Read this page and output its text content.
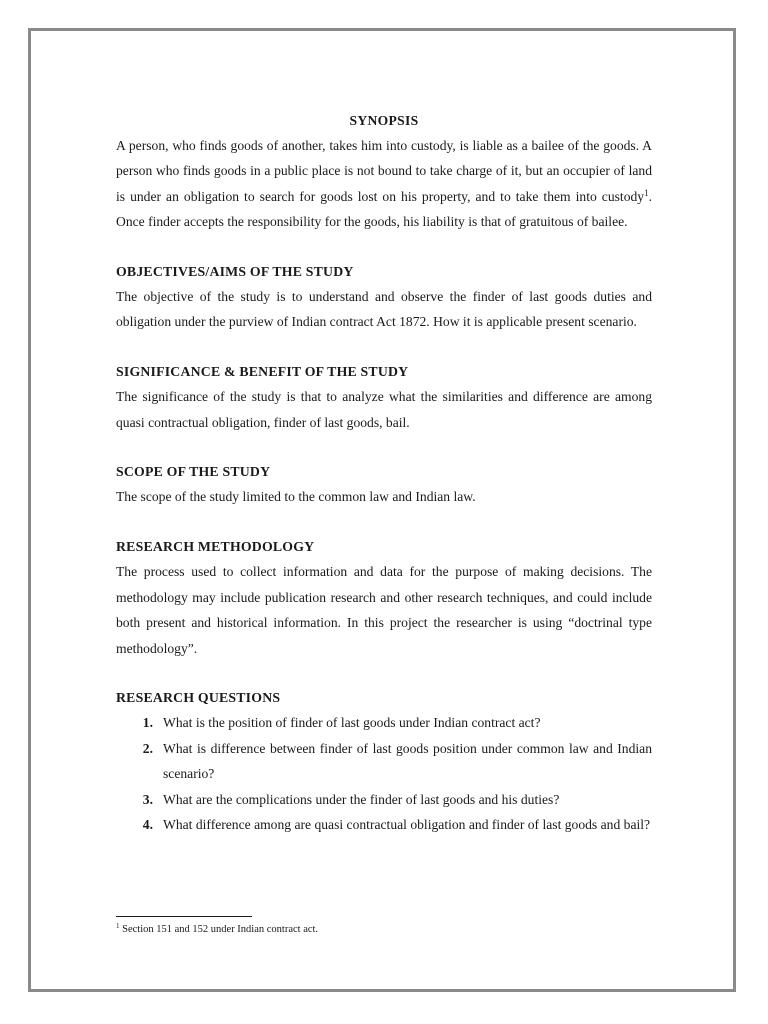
SYNOPSIS

A person, who finds goods of another, takes him into custody, is liable as a bailee of the goods. A person who finds goods in a public place is not bound to take charge of it, but an occupier of land is under an obligation to search for goods lost on his property, and to take them into custody$^1$. Once finder accepts the responsibility for the goods, his liability is that of gratuitous of bailee.

OBJECTIVES/AIMS OF THE STUDY

The objective of the study is to understand and observe the finder of last goods duties and obligation under the purview of Indian contract Act 1872. How it is applicable present scenario.

SIGNIFICANCE & BENEFIT OF THE STUDY

The significance of the study is that to analyze what the similarities and difference are among quasi contractual obligation, finder of last goods, bail.

SCOPE OF THE STUDY

The scope of the study limited to the common law and Indian law.

RESEARCH METHODOLOGY

The process used to collect information and data for the purpose of making decisions. The methodology may include publication research and other research techniques, and could include both present and historical information. In this project the researcher is using “doctrinal type methodology”.

RESEARCH QUESTIONS

1. What is the position of finder of last goods under Indian contract act?
2. What is difference between finder of last goods position under common law and Indian scenario?
3. What are the complications under the finder of last goods and his duties?
4. What difference among are quasi contractual obligation and finder of last goods and bail?
$^1$ Section 151 and 152 under Indian contract act.
